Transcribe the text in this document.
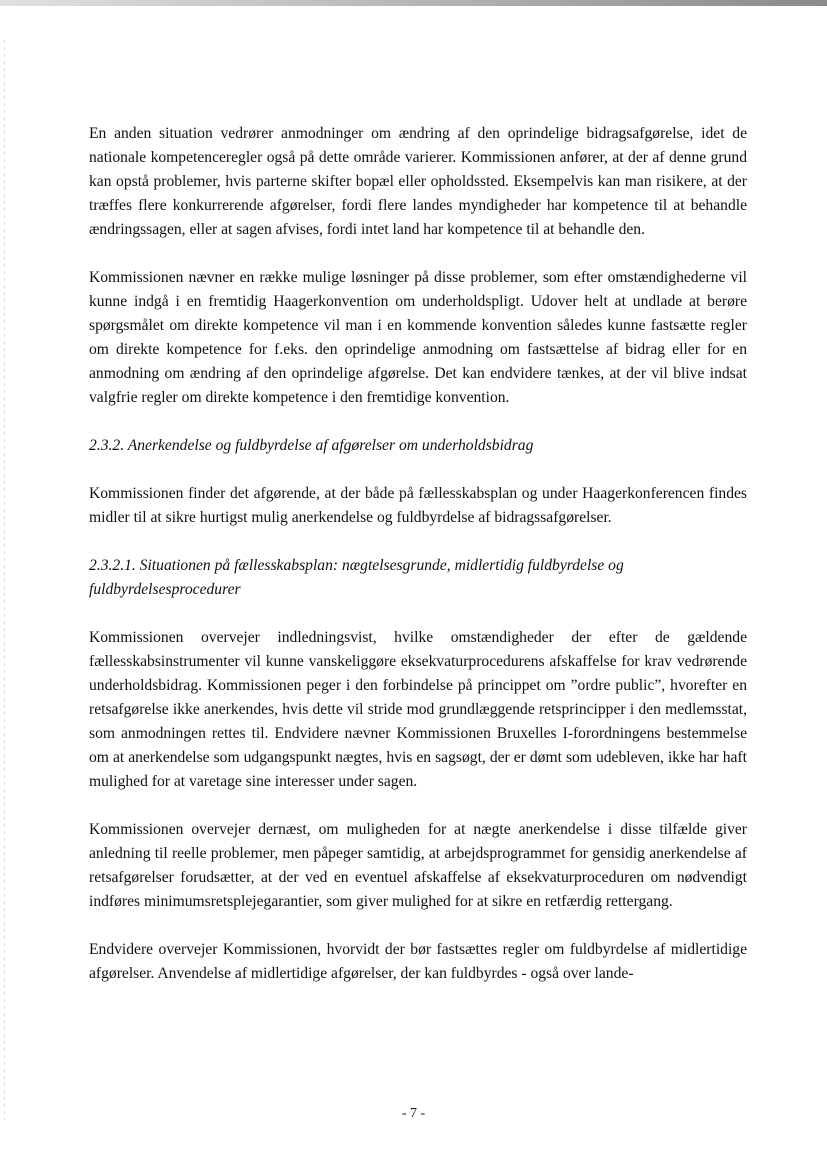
En anden situation vedrører anmodninger om ændring af den oprindelige bidragsafgørelse, idet de nationale kompetenceregler også på dette område varierer. Kommissionen anfører, at der af denne grund kan opstå problemer, hvis parterne skifter bopæl eller opholdssted. Eksempelvis kan man risikere, at der træffes flere konkurrerende afgørelser, fordi flere landes myndigheder har kompetence til at behandle ændringssagen, eller at sagen afvises, fordi intet land har kompetence til at behandle den.

Kommissionen nævner en række mulige løsninger på disse problemer, som efter omstændighederne vil kunne indgå i en fremtidig Haagerkonvention om underholdspligt. Udover helt at undlade at berøre spørgsmålet om direkte kompetence vil man i en kommende konvention således kunne fastsætte regler om direkte kompetence for f.eks. den oprindelige anmodning om fastsættelse af bidrag eller for en anmodning om ændring af den oprindelige afgørelse. Det kan endvidere tænkes, at der vil blive indsat valgfrie regler om direkte kompetence i den fremtidige konvention.

2.3.2. Anerkendelse og fuldbyrdelse af afgørelser om underholdsbidrag

Kommissionen finder det afgørende, at der både på fællesskabsplan og under Haagerkonferencen findes midler til at sikre hurtigst mulig anerkendelse og fuldbyrdelse af bidragssafgørelser.

2.3.2.1. Situationen på fællesskabsplan: nægtelsesgrunde, midlertidig fuldbyrdelse og fuldbyrdelsesprocedurer

Kommissionen overvejer indledningsvist, hvilke omstændigheder der efter de gældende fællesskabsinstrumenter vil kunne vanskeliggøre eksekvaturprocedurens afskaffelse for krav vedrørende underholdsbidrag. Kommissionen peger i den forbindelse på princippet om ”ordre public”, hvorefter en retsafgørelse ikke anerkendes, hvis dette vil stride mod grundlæggende retsprincipper i den medlemsstat, som anmodningen rettes til. Endvidere nævner Kommissionen Bruxelles I-forordningens bestemmelse om at anerkendelse som udgangspunkt nægtes, hvis en sagsøgt, der er dømt som udebleven, ikke har haft mulighed for at varetage sine interesser under sagen.

Kommissionen overvejer dernæst, om muligheden for at nægte anerkendelse i disse tilfælde giver anledning til reelle problemer, men påpeger samtidig, at arbejdsprogrammet for gensidig anerkendelse af retsafgørelser forudsætter, at der ved en eventuel afskaffelse af eksekvaturproceduren om nødvendigt indføres minimumsretsplejegarantier, som giver mulighed for at sikre en retfærdig rettergang.

Endvidere overvejer Kommissionen, hvorvidt der bør fastsættes regler om fuldbyrdelse af midlertidige afgørelser. Anvendelse af midlertidige afgørelser, der kan fuldbyrdes - også over lande-

- 7 -
